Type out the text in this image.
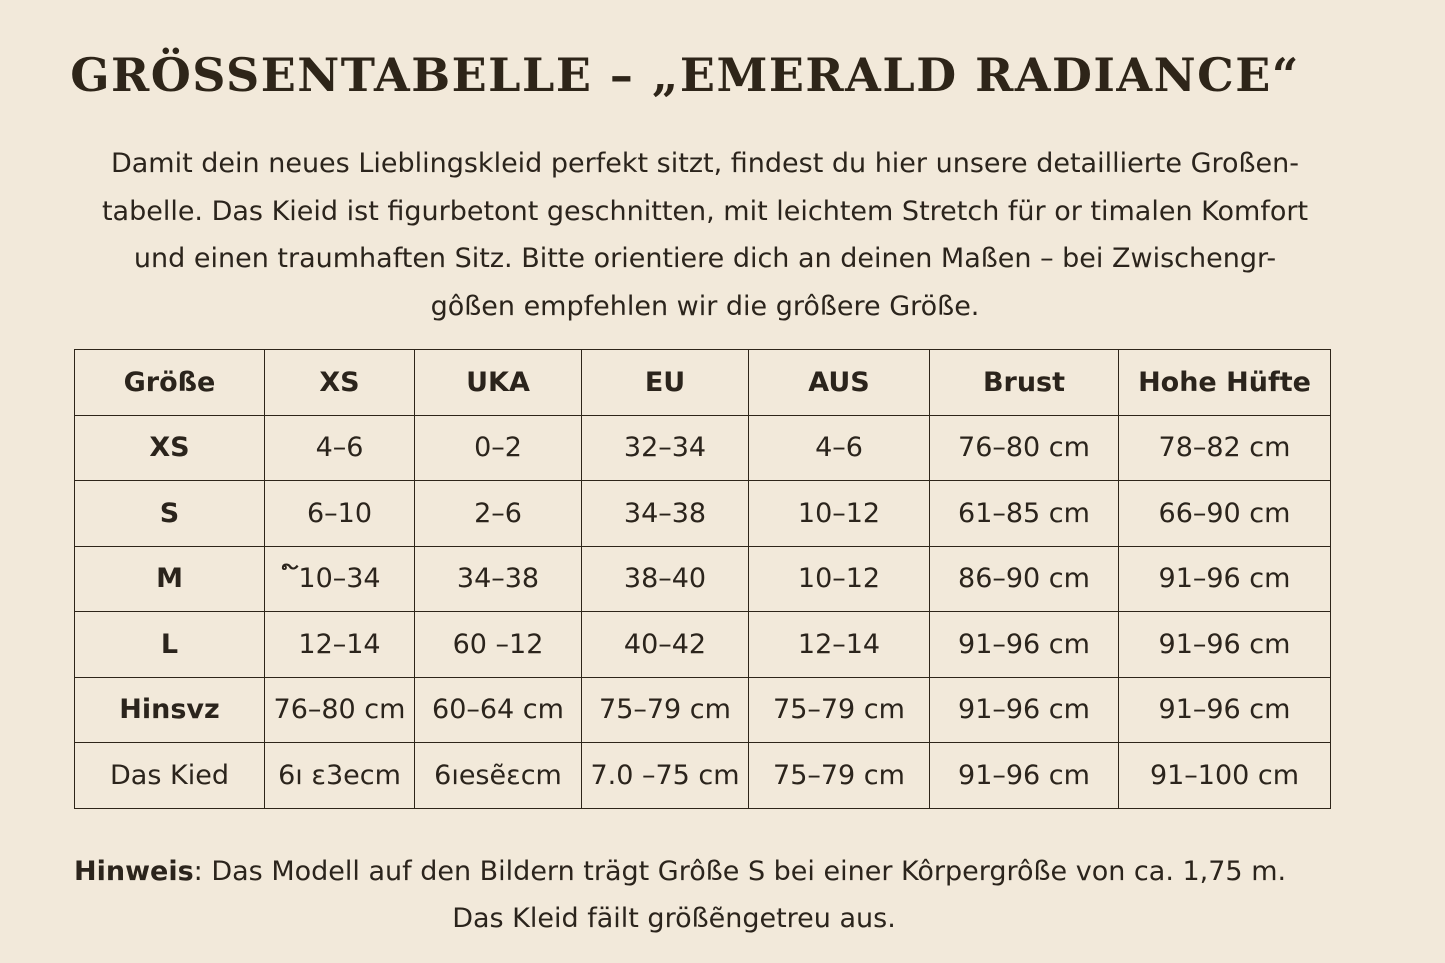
GRÖSSENTABELLE – „EMERALD RADIANCE“
Damit dein neues Lieblingskleid perfekt sitzt, findest du hier unsere detaillierte Großen-
tabelle. Das Kieid ist figurbetont geschnitten, mit leichtem Stretch für or timalen Komfort
und einen traumhaften Sitz. Bitte orientiere dich an deinen Maßen – bei Zwischengr-
gôßen empfehlen wir die grôßere Größe.
Größe	XS	UKA	EU	AUS	Brust	Hohe Hüfte
XS	4–6	0–2	32–34	4–6	76–80 cm	78–82 cm
S	6–10	2–6	34–38	10–12	61–85 cm	66–90 cm
M	໌10–34	34–38	38–40	10–12	86–90 cm	91–96 cm
L	12–14	60 –12	40–42	12–14	91–96 cm	91–96 cm
Hinsvz	76–80 cm	60–64 cm	75–79 cm	75–79 cm	91–96 cm	91–96 cm
Das Kied	6ı ɛ3ecm	6ıesẽɛcm	7.0 –75 cm	75–79 cm	91–96 cm	91–100 cm
Hinweis: Das Modell auf den Bildern trägt Grôße S bei einer Kôrpergrôße von ca. 1,75 m.
Das Kleid fäilt größẽngetreu aus.
